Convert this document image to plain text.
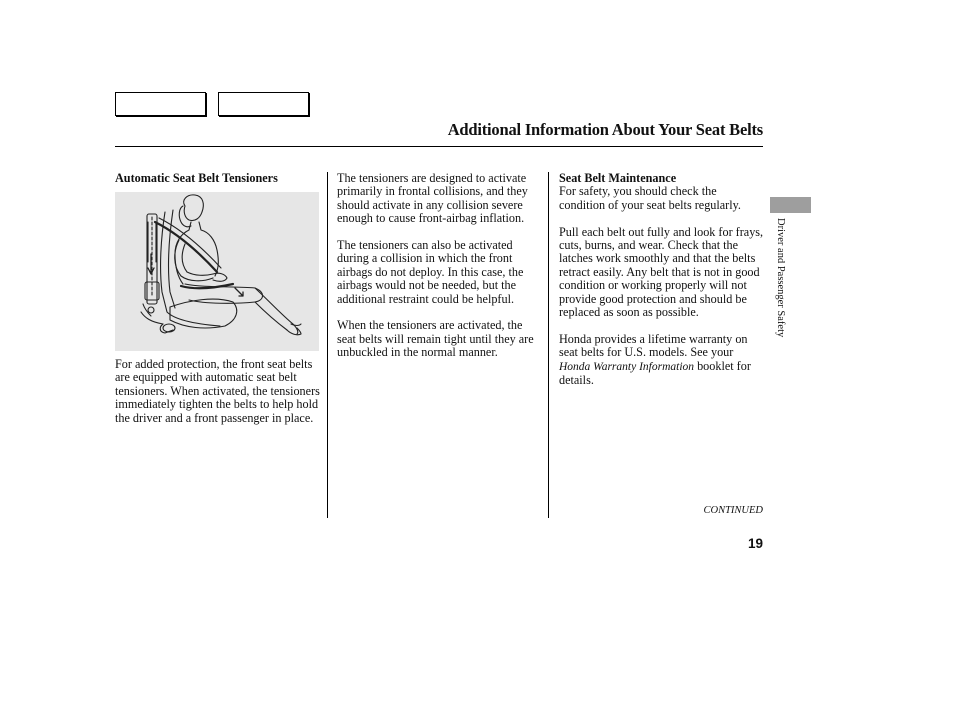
Additional Information About Your Seat Belts
Automatic Seat Belt Tensioners
For added protection, the front seat belts are equipped with automatic seat belt tensioners. When activated, the tensioners immediately tighten the belts to help hold the driver and a front passenger in place.

The tensioners are designed to activate primarily in frontal collisions, and they should activate in any collision severe enough to cause front-airbag inflation.

The tensioners can also be activated during a collision in which the front airbags do not deploy. In this case, the airbags would not be needed, but the additional restraint could be helpful.

When the tensioners are activated, the seat belts will remain tight until they are unbuckled in the normal manner.

Seat Belt Maintenance

For safety, you should check the condition of your seat belts regularly.

Pull each belt out fully and look for frays, cuts, burns, and wear. Check that the latches work smoothly and that the belts retract easily. Any belt that is not in good condition or working properly will not provide good protection and should be replaced as soon as possible.

Honda provides a lifetime warranty on seat belts for U.S. models. See your Honda Warranty Information booklet for details.

Driver and Passenger Safety
CONTINUED
19
